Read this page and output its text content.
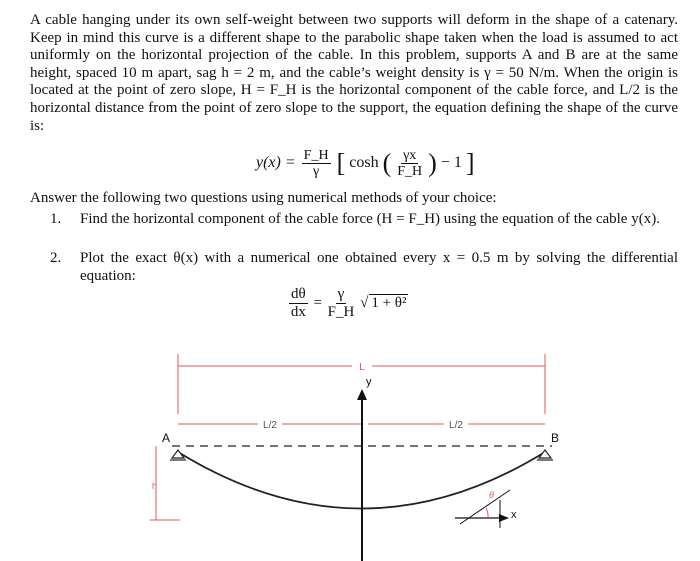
A cable hanging under its own self-weight between two supports will deform in the shape of a catenary. Keep in mind this curve is a different shape to the parabolic shape taken when the load is assumed to act uniformly on the horizontal projection of the cable. In this problem, supports A and B are at the same height, spaced 10 m apart, sag h = 2 m, and the cable’s weight density is γ = 50 N/m. When the origin is located at the point of zero slope, H = F_H is the horizontal component of the cable force, and L/2 is the horizontal distance from the point of zero slope to the support, the equation defining the shape of the curve is:
$y(x) = \frac{F\_H}{\gamma}$ [ cosh ( $\frac{\gamma x}{F\_H}$ ) − 1 ]
Answer the following two questions using numerical methods of your choice:
1. Find the horizontal component of the cable force (H = F_H) using the equation of the cable y(x).
2. Plot the exact θ(x) with a numerical one obtained every x = 0.5 m by solving the differential equation:
$\frac{d\theta}{dx} = \frac{\gamma}{F\_H}$ √ 1 + θ²
L
L/2	L/2
A	B
h
y
θ
x
